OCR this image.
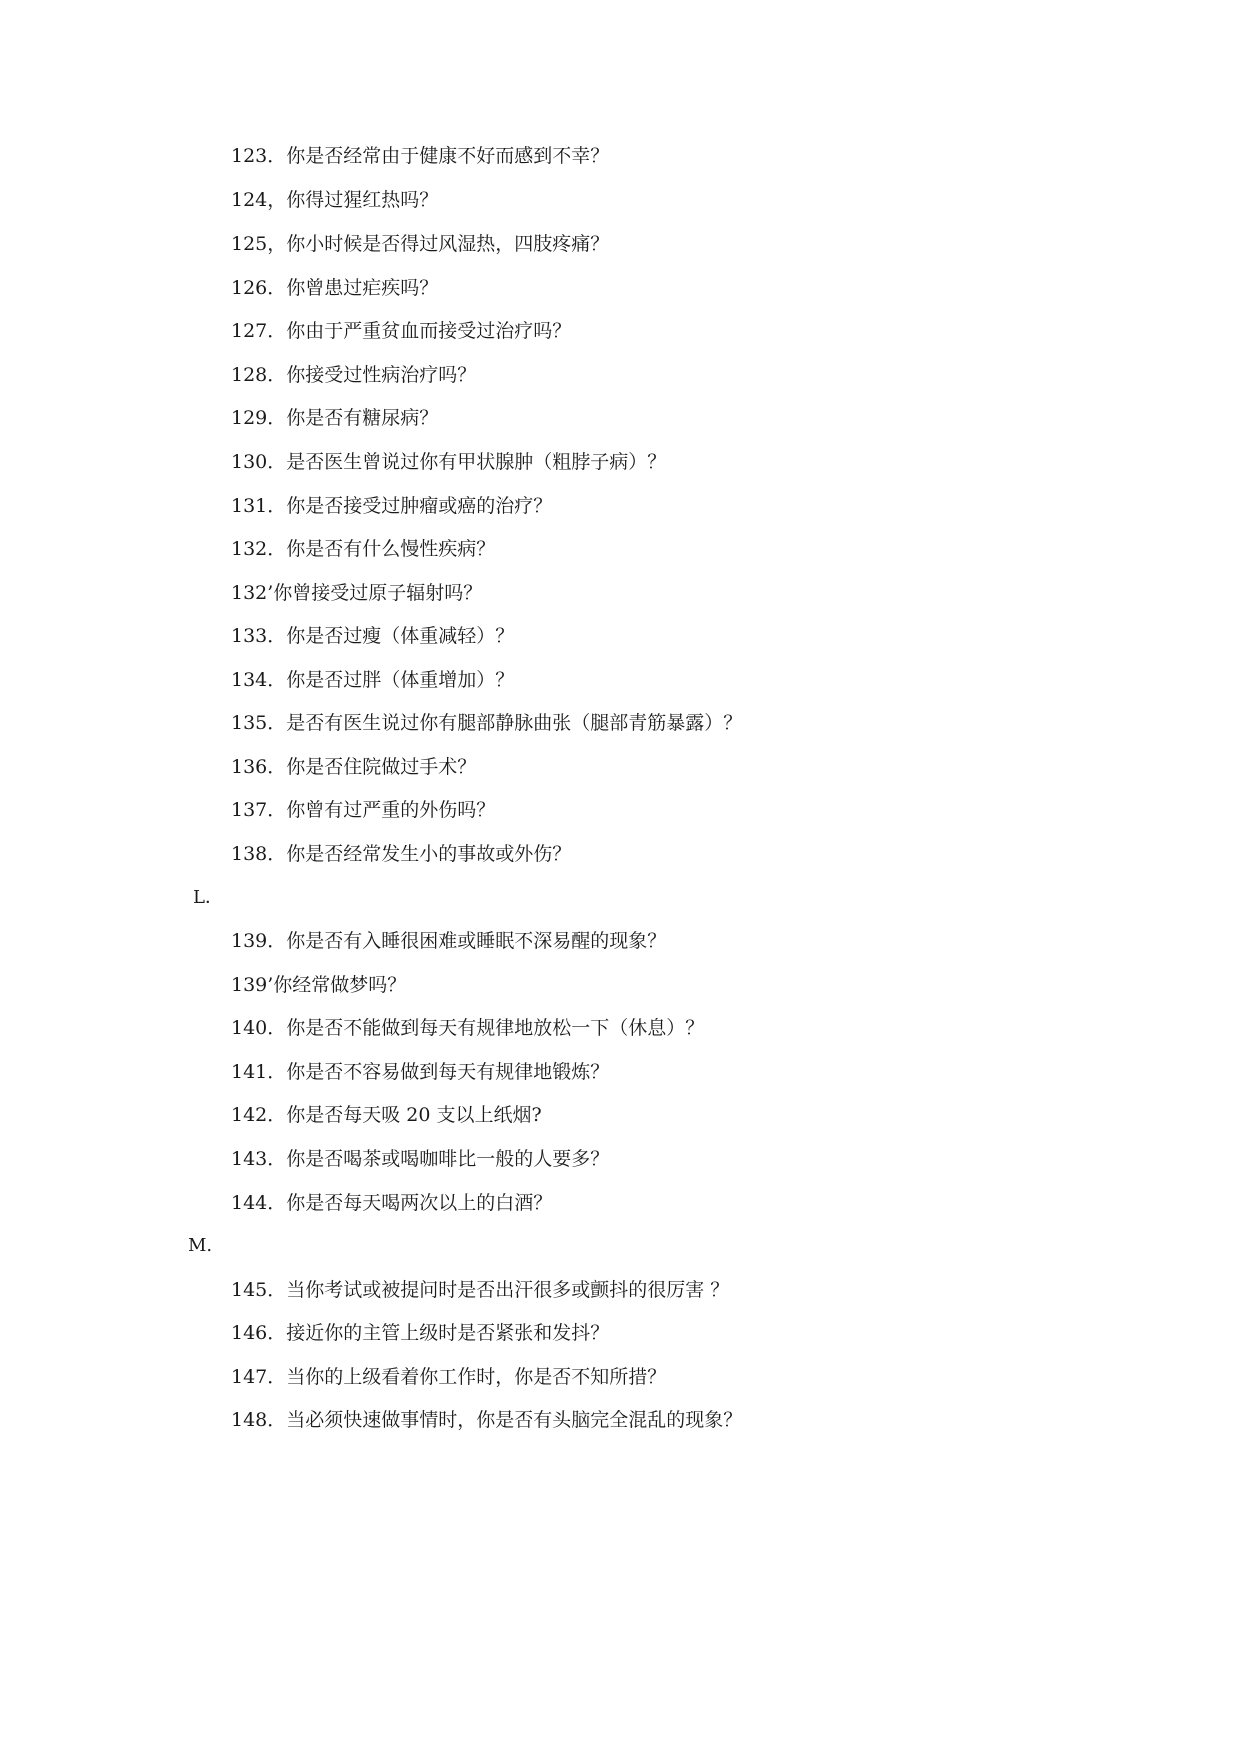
123．你是否经常由于健康不好而感到不幸？
124，你得过猩红热吗？
125，你小时候是否得过风湿热，四肢疼痛？
126．你曾患过疟疾吗？
127．你由于严重贫血而接受过治疗吗？
128．你接受过性病治疗吗？
129．你是否有糖尿病？
130．是否医生曾说过你有甲状腺肿（粗脖子病）？
131．你是否接受过肿瘤或癌的治疗？
132．你是否有什么慢性疾病？
132’你曾接受过原子辐射吗？
133．你是否过瘦（体重减轻）？
134．你是否过胖（体重增加）？
135．是否有医生说过你有腿部静脉曲张（腿部青筋暴露）？
136．你是否住院做过手术？
137．你曾有过严重的外伤吗？
138．你是否经常发生小的事故或外伤？
L．
139．你是否有入睡很困难或睡眠不深易醒的现象？
139’你经常做梦吗？
140．你是否不能做到每天有规律地放松一下（休息）？
141．你是否不容易做到每天有规律地锻炼？
142．你是否每天吸 20 支以上纸烟?
143．你是否喝茶或喝咖啡比一般的人要多？
144．你是否每天喝两次以上的白酒？
M.
145．当你考试或被提问时是否出汗很多或颤抖的很厉害 ？
146．接近你的主管上级时是否紧张和发抖？
147．当你的上级看着你工作时，你是否不知所措？
148．当必须快速做事情时，你是否有头脑完全混乱的现象？
